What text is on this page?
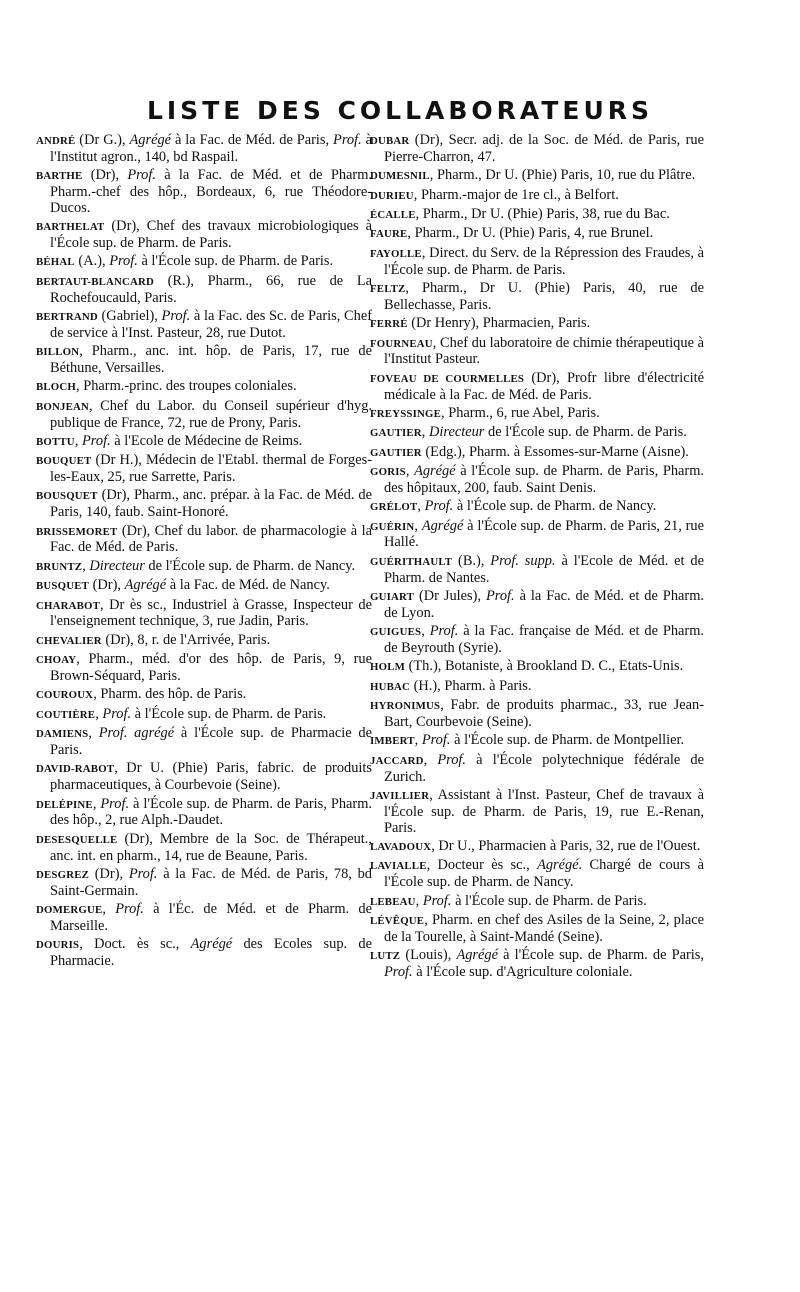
LISTE DES COLLABORATEURS

ANDRÉ (Dr G.), Agrégé à la Fac. de Méd. de Paris, Prof. à l'Institut agron., 140, bd Raspail.

BARTHE (Dr), Prof. à la Fac. de Méd. et de Pharm. Pharm.-chef des hôp., Bordeaux, 6, rue Théodore-Ducos.

BARTHELAT (Dr), Chef des travaux microbiologiques à l'École sup. de Pharm. de Paris.

BÉHAL (A.), Prof. à l'École sup. de Pharm. de Paris.

BERTAUT-BLANCARD (R.), Pharm., 66, rue de La Rochefoucauld, Paris.

BERTRAND (Gabriel), Prof. à la Fac. des Sc. de Paris, Chef de service à l'Inst. Pasteur, 28, rue Dutot.

BILLON, Pharm., anc. int. hôp. de Paris, 17, rue de Béthune, Versailles.

BLOCH, Pharm.-princ. des troupes coloniales.

BONJEAN, Chef du Labor. du Conseil supérieur d'hyg. publique de France, 72, rue de Prony, Paris.

BOTTU, Prof. à l'Ecole de Médecine de Reims.

BOUQUET (Dr H.), Médecin de l'Etabl. thermal de Forges-les-Eaux, 25, rue Sarrette, Paris.

BOUSQUET (Dr), Pharm., anc. prépar. à la Fac. de Méd. de Paris, 140, faub. Saint-Honoré.

BRISSEMORET (Dr), Chef du labor. de pharmacologie à la Fac. de Méd. de Paris.

BRUNTZ, Directeur de l'École sup. de Pharm. de Nancy.

BUSQUET (Dr), Agrégé à la Fac. de Méd. de Nancy.

CHARABOT, Dr ès sc., Industriel à Grasse, Inspecteur de l'enseignement technique, 3, rue Jadin, Paris.

CHEVALIER (Dr), 8, r. de l'Arrivée, Paris.

CHOAY, Pharm., méd. d'or des hôp. de Paris, 9, rue Brown-Séquard, Paris.

COUROUX, Pharm. des hôp. de Paris.

COUTIÈRE, Prof. à l'École sup. de Pharm. de Paris.

DAMIENS, Prof. agrégé à l'École sup. de Pharmacie de Paris.

DAVID-RABOT, Dr U. (Phie) Paris, fabric. de produits pharmaceutiques, à Courbevoie (Seine).

DELÉPINE, Prof. à l'École sup. de Pharm. de Paris, Pharm. des hôp., 2, rue Alph.-Daudet.

DESESQUELLE (Dr), Membre de la Soc. de Thérapeut., anc. int. en pharm., 14, rue de Beaune, Paris.

DESGREZ (Dr), Prof. à la Fac. de Méd. de Paris, 78, bd Saint-Germain.

DOMERGUE, Prof. à l'Éc. de Méd. et de Pharm. de Marseille.

DOURIS, Doct. ès sc., Agrégé des Ecoles sup. de Pharmacie.

DUBAR (Dr), Secr. adj. de la Soc. de Méd. de Paris, rue Pierre-Charron, 47.

DUMESNIL, Pharm., Dr U. (Phie) Paris, 10, rue du Plâtre.

DURIEU, Pharm.-major de 1re cl., à Belfort.

ÉCALLE, Pharm., Dr U. (Phie) Paris, 38, rue du Bac.

FAURE, Pharm., Dr U. (Phie) Paris, 4, rue Brunel.

FAYOLLE, Direct. du Serv. de la Répression des Fraudes, à l'École sup. de Pharm. de Paris.

FELTZ, Pharm., Dr U. (Phie) Paris, 40, rue de Bellechasse, Paris.

FERRÉ (Dr Henry), Pharmacien, Paris.

FOURNEAU, Chef du laboratoire de chimie thérapeutique à l'Institut Pasteur.

FOVEAU DE COURMELLES (Dr), Profr libre d'électricité médicale à la Fac. de Méd. de Paris.

FREYSSINGE, Pharm., 6, rue Abel, Paris.

GAUTIER, Directeur de l'École sup. de Pharm. de Paris.

GAUTIER (Edg.), Pharm. à Essomes-sur-Marne (Aisne).

GORIS, Agrégé à l'École sup. de Pharm. de Paris, Pharm. des hôpitaux, 200, faub. Saint Denis.

GRÉLOT, Prof. à l'École sup. de Pharm. de Nancy.

GUÉRIN, Agrégé à l'École sup. de Pharm. de Paris, 21, rue Hallé.

GUÉRITHAULT (B.), Prof. supp. à l'Ecole de Méd. et de Pharm. de Nantes.

GUIART (Dr Jules), Prof. à la Fac. de Méd. et de Pharm. de Lyon.

GUIGUES, Prof. à la Fac. française de Méd. et de Pharm. de Beyrouth (Syrie).

HOLM (Th.), Botaniste, à Brookland D. C., Etats-Unis.

HUBAC (H.), Pharm. à Paris.

HYRONIMUS, Fabr. de produits pharmac., 33, rue Jean-Bart, Courbevoie (Seine).

IMBERT, Prof. à l'École sup. de Pharm. de Montpellier.

JACCARD, Prof. à l'École polytechnique fédérale de Zurich.

JAVILLIER, Assistant à l'Inst. Pasteur, Chef de travaux à l'École sup. de Pharm. de Paris, 19, rue E.-Renan, Paris.

LAVADOUX, Dr U., Pharmacien à Paris, 32, rue de l'Ouest.

LAVIALLE, Docteur ès sc., Agrégé. Chargé de cours à l'École sup. de Pharm. de Nancy.

LEBEAU, Prof. à l'École sup. de Pharm. de Paris.

LÉVÊQUE, Pharm. en chef des Asiles de la Seine, 2, place de la Tourelle, à Saint-Mandé (Seine).

LUTZ (Louis), Agrégé à l'École sup. de Pharm. de Paris, Prof. à l'École sup. d'Agriculture coloniale.
